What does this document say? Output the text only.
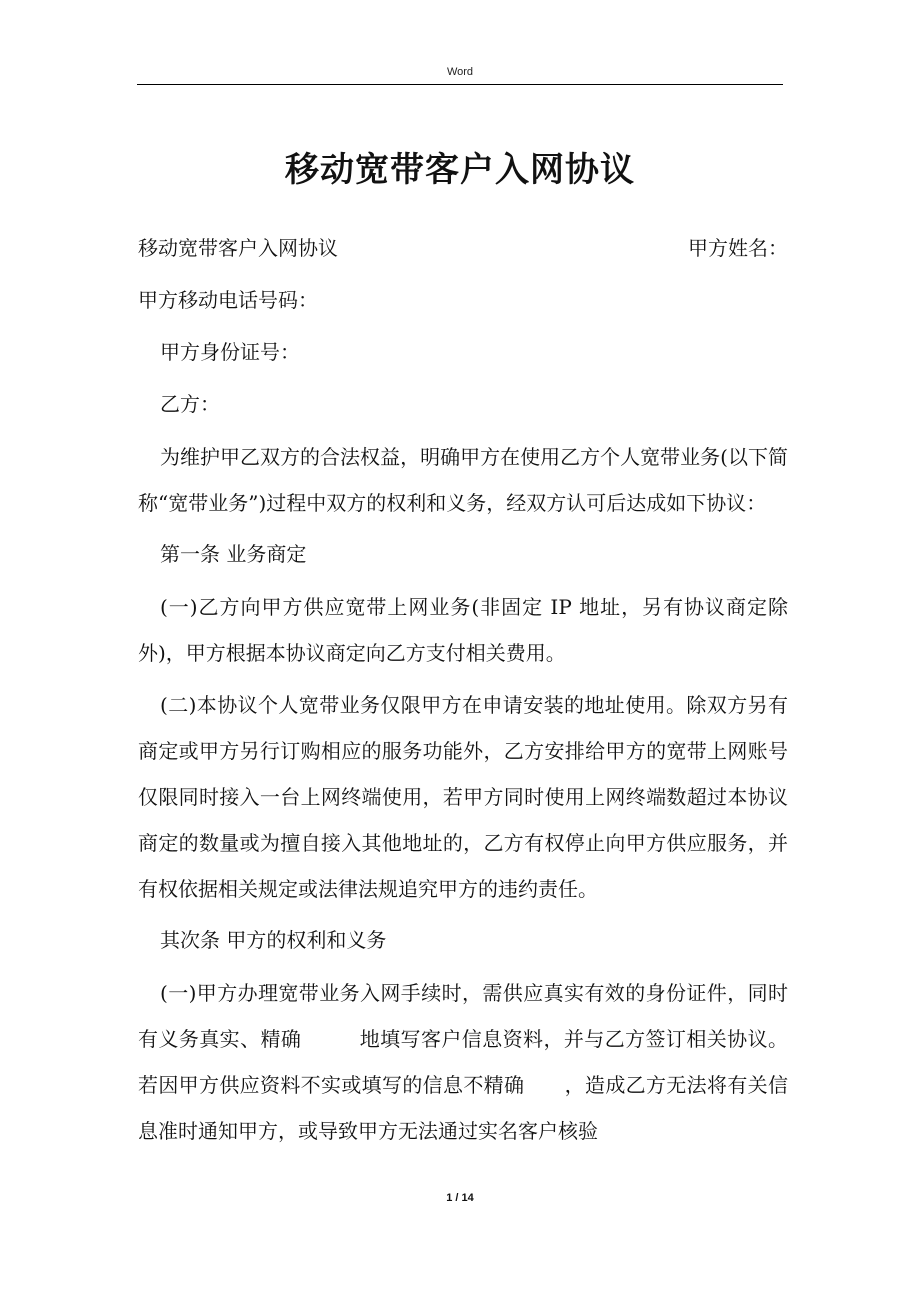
Word
移动宽带客户入网协议
移动宽带客户入网协议	甲方姓名：
甲方移动电话号码：
甲方身份证号：
乙方：
为维护甲乙双方的合法权益，明确甲方在使用乙方个人宽带业务(以下简称“宽带业务”)过程中双方的权利和义务，经双方认可后达成如下协议：
第一条 业务商定
(一)乙方向甲方供应宽带上网业务(非固定 IP 地址，另有协议商定除外)，甲方根据本协议商定向乙方支付相关费用。
(二)本协议个人宽带业务仅限甲方在申请安装的地址使用。除双方另有商定或甲方另行订购相应的服务功能外，乙方安排给甲方的宽带上网账号仅限同时接入一台上网终端使用，若甲方同时使用上网终端数超过本协议商定的数量或为擅自接入其他地址的，乙方有权停止向甲方供应服务，并有权依据相关规定或法律法规追究甲方的违约责任。
其次条 甲方的权利和义务
(一)甲方办理宽带业务入网手续时，需供应真实有效的身份证件，同时有义务真实、精确	地填写客户信息资料，并与乙方签订相关协议。若因甲方供应资料不实或填写的信息不精确 ，造成乙方无法将有关信息准时通知甲方，或导致甲方无法通过实名客户核验
1 / 14
